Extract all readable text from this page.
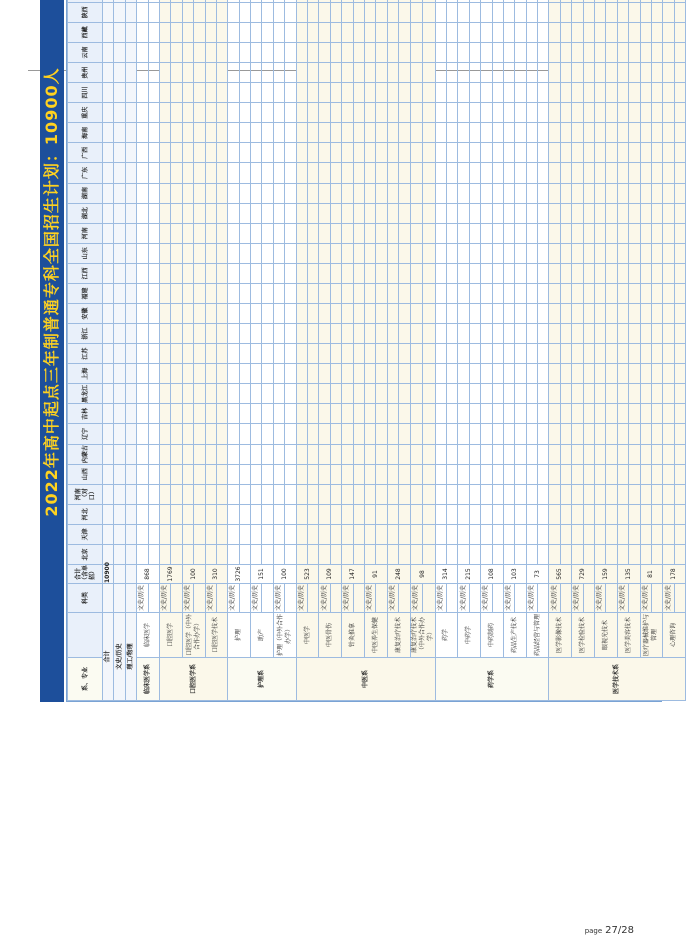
2022年高中起点三年制普通专科全国招生计划：10900人
系、专业		科类	合计（含单招）	北京	天津	河北	河南（对口）	山西	内蒙古	辽宁	吉林	黑龙江	上海	江苏	浙江	安徽	福建	江西	山东	河南	湖北	湖南	广东	广西	海南	重庆	四川	贵州	云南	西藏	陕西						
合计			10900																																		
文史/历史																																					
理工/物理																																					
临床医学系	临床医学	文史/历史	868																																		

口腔医学系	口腔医学	文史/历史	1769																																		

	口腔医学（中外合作办学）	文史/历史	100																																		

	口腔医学技术	文史/历史	310																																		

护理系	护理	文史/历史	3726																																		

	助产	文史/历史	151																																		

	护理（中外合作办学）	文史/历史	100																																		

中医系	中医学	文史/历史	523																																		

	中医骨伤	文史/历史	109																																		

	针灸推拿	文史/历史	147																																		

	中医养生保健	文史/历史	91																																		

	康复治疗技术	文史/历史	248																																		

	康复治疗技术（中外合作办学）	文史/历史	98																																		

药学系	药学	文史/历史	314																																		

	中药学	文史/历史	215																																		

	中药制药	文史/历史	108																																		

	药品生产技术	文史/历史	103																																		

	药品经营与管理	文史/历史	73																																		

医学技术系	医学影像技术	文史/历史	565																																		

	医学检验技术	文史/历史	729																																		

	眼视光技术	文史/历史	159																																		

	医学美容技术	文史/历史	135																																		

	医疗器械维护与管理	文史/历史	81																																		

	心理咨询	文史/历史	178																																		

page 27/28
